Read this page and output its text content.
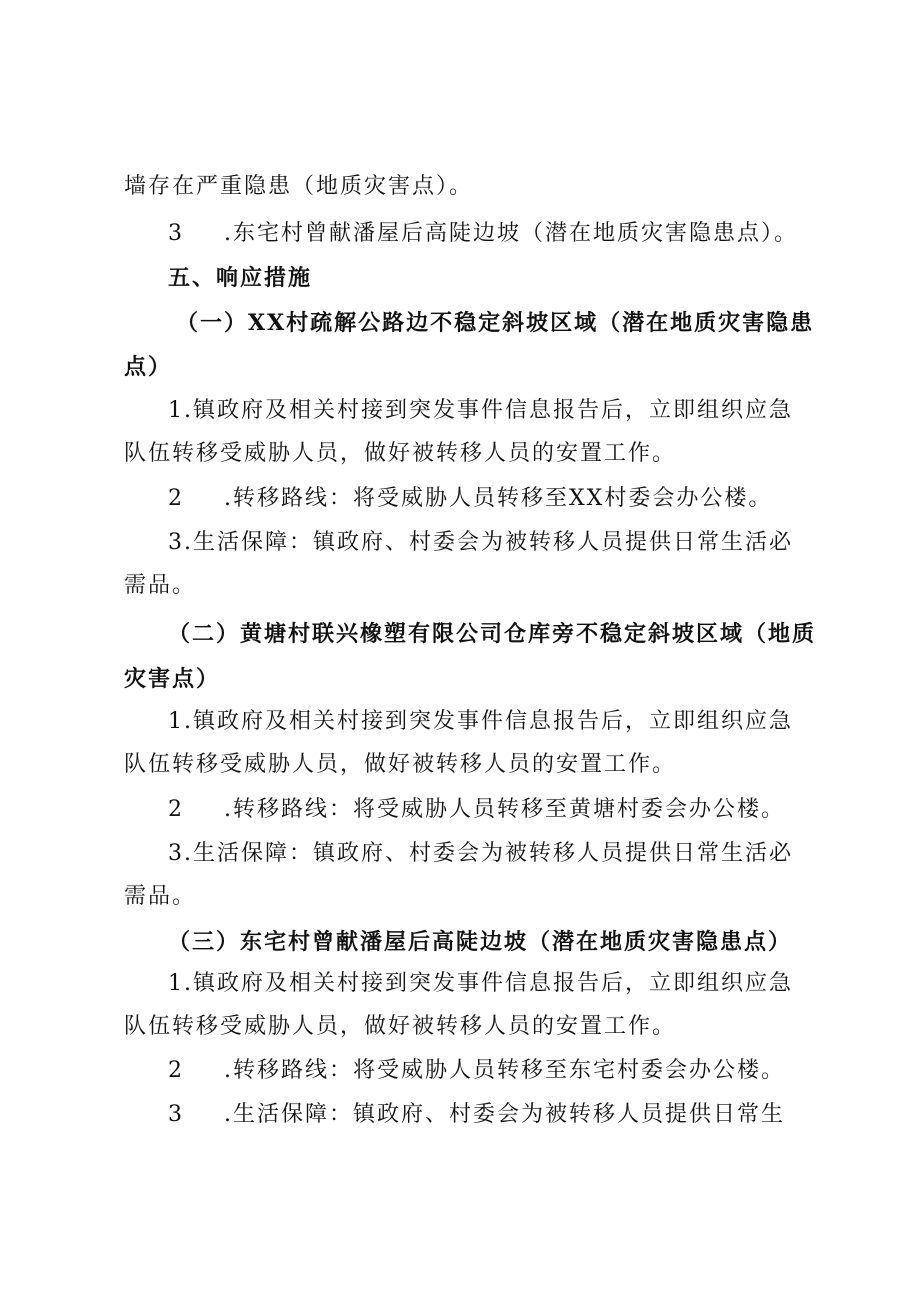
墙存在严重隐患（地质灾害点）。
3 .东宅村曾献潘屋后高陡边坡（潜在地质灾害隐患点）。
五、响应措施
（一）XX村疏解公路边不稳定斜坡区域（潜在地质灾害隐患
点）
1.镇政府及相关村接到突发事件信息报告后，立即组织应急
队伍转移受威胁人员，做好被转移人员的安置工作。
2 .转移路线：将受威胁人员转移至XX村委会办公楼。
3.生活保障：镇政府、村委会为被转移人员提供日常生活必
需品。
（二）黄塘村联兴橡塑有限公司仓库旁不稳定斜坡区域（地质
灾害点）
1.镇政府及相关村接到突发事件信息报告后，立即组织应急
队伍转移受威胁人员，做好被转移人员的安置工作。
2 .转移路线：将受威胁人员转移至黄塘村委会办公楼。
3.生活保障：镇政府、村委会为被转移人员提供日常生活必
需品。
（三）东宅村曾献潘屋后高陡边坡（潜在地质灾害隐患点）
1.镇政府及相关村接到突发事件信息报告后，立即组织应急
队伍转移受威胁人员，做好被转移人员的安置工作。
2 .转移路线：将受威胁人员转移至东宅村委会办公楼。
3 .生活保障：镇政府、村委会为被转移人员提供日常生
